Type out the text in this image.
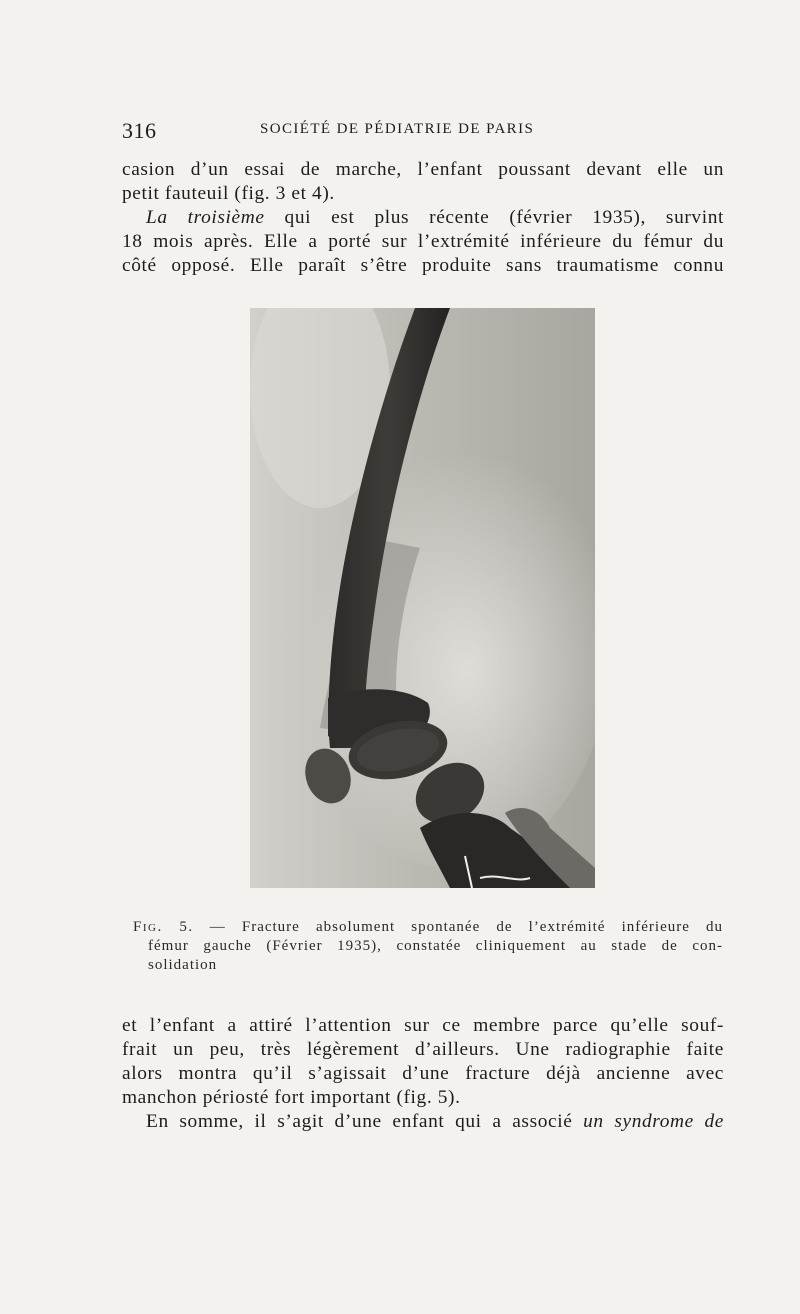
316	SOCIÉTÉ DE PÉDIATRIE DE PARIS
casion d’un essai de marche, l’enfant poussant devant elle un
petit fauteuil (fig. 3 et 4).
La troisième qui est plus récente (février 1935), survint
18 mois après. Elle a porté sur l’extrémité inférieure du fémur du
côté opposé. Elle paraît s’être produite sans traumatisme connu
Fig. 5. — Fracture absolument spontanée de l’extrémité inférieure du
fémur gauche (Février 1935), constatée cliniquement au stade de con-
solidation
et l’enfant a attiré l’attention sur ce membre parce qu’elle souf-
frait un peu, très légèrement d’ailleurs. Une radiographie faite
alors montra qu’il s’agissait d’une fracture déjà ancienne avec
manchon périosté fort important (fig. 5).
En somme, il s’agit d’une enfant qui a associé un syndrome de
